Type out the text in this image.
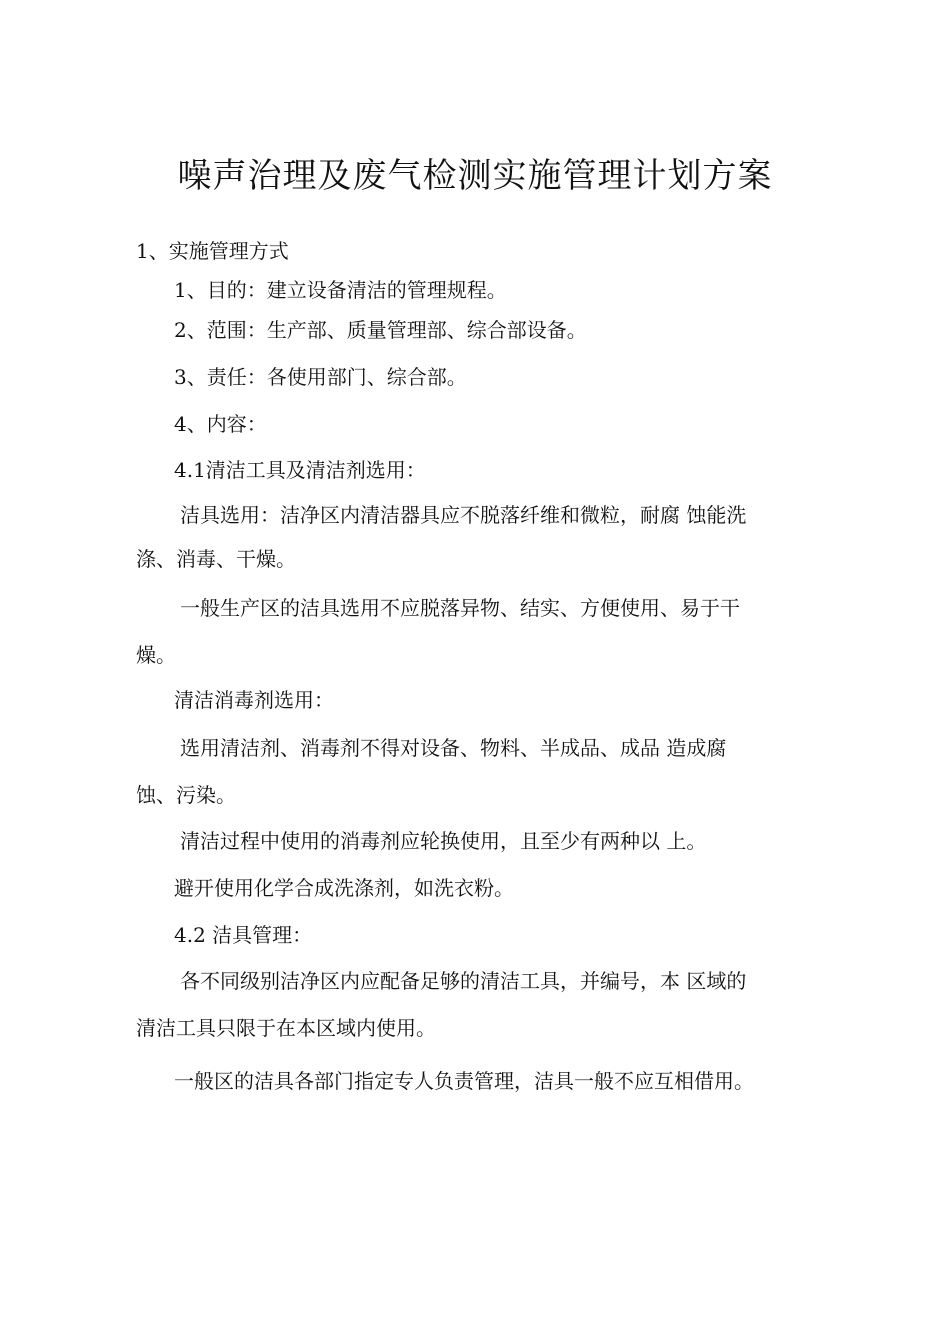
噪声治理及废气检测实施管理计划方案
1、实施管理方式
1、目的：建立设备清洁的管理规程。
2、范围：生产部、质量管理部、综合部设备。
3、责任：各使用部门、综合部。
4、内容：
4.1清洁工具及清洁剂选用：
洁具选用：洁净区内清洁器具应不脱落纤维和微粒，耐腐 蚀能洗
涤、消毒、干燥。
一般生产区的洁具选用不应脱落异物、结实、方便使用、易于干
燥。
清洁消毒剂选用：
选用清洁剂、消毒剂不得对设备、物料、半成品、成品 造成腐
蚀、污染。
清洁过程中使用的消毒剂应轮换使用，且至少有两种以 上。
避开使用化学合成洗涤剂，如洗衣粉。
4.2 洁具管理：
各不同级别洁净区内应配备足够的清洁工具，并编号，本 区域的
清洁工具只限于在本区域内使用。
一般区的洁具各部门指定专人负责管理，洁具一般不应互相借用。
